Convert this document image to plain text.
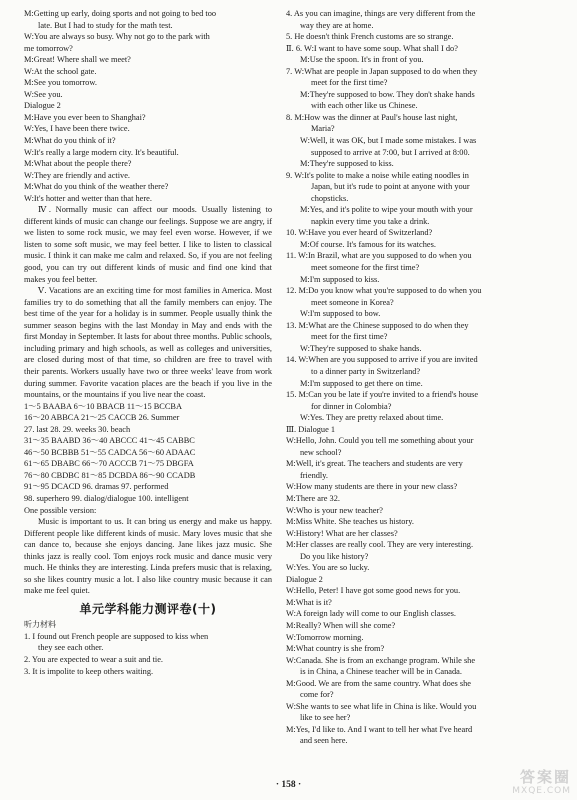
M:Getting up early, doing sports and not going to bed too
late. But I had to study for the math test.
W:You are always so busy. Why not go to the park with
me tomorrow?
M:Great! Where shall we meet?
W:At the school gate.
M:See you tomorrow.
W:See you.
Dialogue 2
M:Have you ever been to Shanghai?
W:Yes, I have been there twice.
M:What do you think of it?
W:It's really a large modern city. It's beautiful.
M:What about the people there?
W:They are friendly and active.
M:What do you think of the weather there?
W:It's hotter and wetter than that here.
Ⅳ. Normally music can affect our moods. Usually listening to different kinds of music can change our feelings. Suppose we are angry, if we listen to some rock music, we may feel even worse. However, if we listen to some soft music, we may feel better. I like to listen to classical music. I think it can make me calm and relaxed. So, if you are not feeling good, you can try out different kinds of music and find one kind that makes you feel better.
Ⅴ. Vacations are an exciting time for most families in America. Most families try to do something that all the family members can enjoy. The best time of the year for a holiday is in summer. People usually think the summer season begins with the last Monday in May and ends with the first Monday in September. It lasts for about three months. Public schools, including primary and high schools, as well as colleges and universities, are closed during most of that time, so children are free to travel with their parents. Workers usually have two or three weeks' leave from work during summer. Favorite vacation places are the beach if you live in the mountains, or the mountains if you live near the coast.
1～5 BAABA 6～10 BBACB 11～15 BCCBA
16～20 ABBCA 21～25 CACCB 26. Summer
27. last 28. 29. weeks 30. beach
31～35 BAABD 36～40 ABCCC 41～45 CABBC
46～50 BCBBB 51～55 CADCA 56～60 ADAAC
61～65 DBABC 66～70 ACCCB 71～75 DBGFA
76～80 CBDBC 81～85 DCBDA 86～90 CCADB
91～95 DCACD 96. dramas 97. performed
98. superhero 99. dialog/dialogue 100. intelligent
One possible version:
Music is important to us. It can bring us energy and make us happy. Different people like different kinds of music. Mary loves music that she can dance to, because she enjoys dancing. Jane likes jazz music. She thinks jazz is really cool. Tom enjoys rock music and dance music very much. He thinks they are interesting. Linda prefers music that is relaxing, so she likes country music a lot. I also like country music because it can make me feel quiet.
单元学科能力测评卷(十)
听力材料
1. I found out French people are supposed to kiss when
they see each other.
2. You are expected to wear a suit and tie.
3. It is impolite to keep others waiting.
4. As you can imagine, things are very different from the
way they are at home.
5. He doesn't think French customs are so strange.
Ⅱ. 6. W:I want to have some soup. What shall I do?
M:Use the spoon. It's in front of you.
7. W:What are people in Japan supposed to do when they
meet for the first time?
M:They're supposed to bow. They don't shake hands
with each other like us Chinese.
8. M:How was the dinner at Paul's house last night,
Maria?
W:Well, it was OK, but I made some mistakes. I was
supposed to arrive at 7:00, but I arrived at 8:00.
M:They're supposed to kiss.
9. W:It's polite to make a noise while eating noodles in
Japan, but it's rude to point at anyone with your
chopsticks.
M:Yes, and it's polite to wipe your mouth with your
napkin every time you take a drink.
10. W:Have you ever heard of Switzerland?
M:Of course. It's famous for its watches.
11. W:In Brazil, what are you supposed to do when you
meet someone for the first time?
M:I'm supposed to kiss.
12. M:Do you know what you're supposed to do when you
meet someone in Korea?
W:I'm supposed to bow.
13. M:What are the Chinese supposed to do when they
meet for the first time?
W:They're supposed to shake hands.
14. W:When are you supposed to arrive if you are invited
to a dinner party in Switzerland?
M:I'm supposed to get there on time.
15. M:Can you be late if you're invited to a friend's house
for dinner in Colombia?
W:Yes. They are pretty relaxed about time.
Ⅲ. Dialogue 1
W:Hello, John. Could you tell me something about your
new school?
M:Well, it's great. The teachers and students are very
friendly.
W:How many students are there in your new class?
M:There are 32.
W:Who is your new teacher?
M:Miss White. She teaches us history.
W:History! What are her classes?
M:Her classes are really cool. They are very interesting.
Do you like history?
W:Yes. You are so lucky.
Dialogue 2
W:Hello, Peter! I have got some good news for you.
M:What is it?
W:A foreign lady will come to our English classes.
M:Really? When will she come?
W:Tomorrow morning.
M:What country is she from?
W:Canada. She is from an exchange program. While she
is in China, a Chinese teacher will be in Canada.
M:Good. We are from the same country. What does she
come for?
W:She wants to see what life in China is like. Would you
like to see her?
M:Yes, I'd like to. And I want to tell her what I've heard
and seen here.
· 158 ·	答案圈
MXQE.COM
